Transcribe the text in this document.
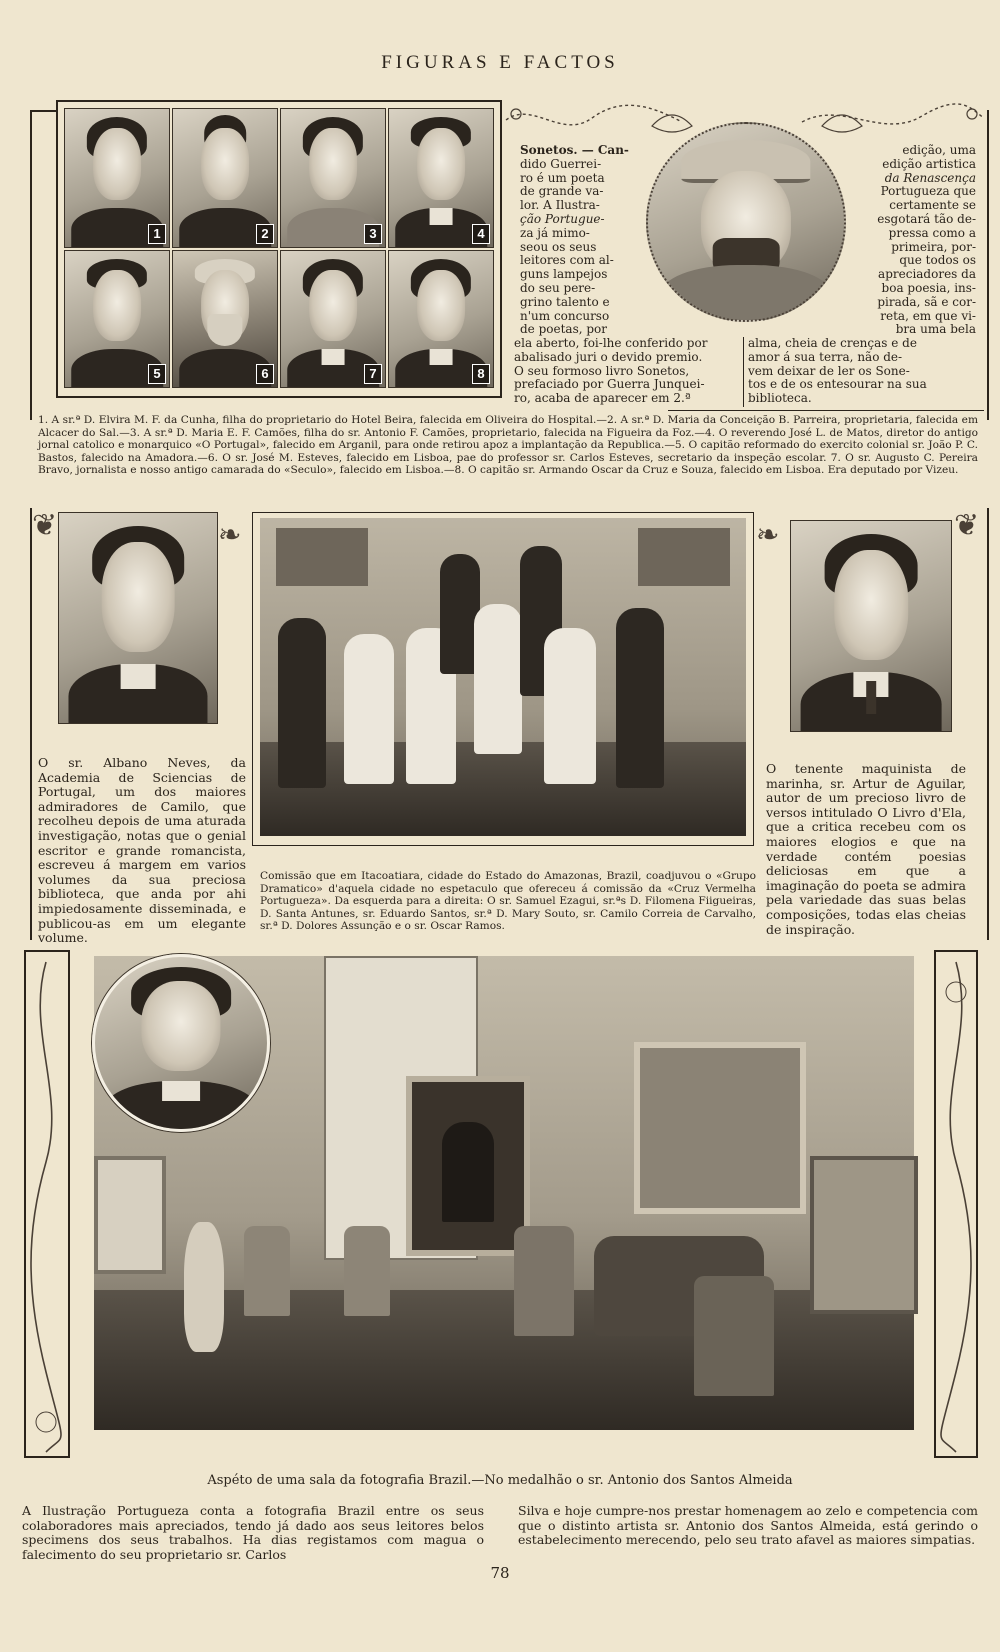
FIGURAS E FACTOS
1	2	3	4
5	6	7	8
Sonetos. — Can-
dido Guerrei-
ro é um poeta
de grande va-
lor. A Ilustra-
ção Portugue-
za já mimo-
seou os seus
leitores com al-
guns lampejos
do seu pere-
grino talento e
n'um concurso
de poetas, por
edição, uma
edição artistica
da Renascença
Portugueza que
certamente se
esgotará tão de-
pressa como a
primeira, por-
que todos os
apreciadores da
boa poesia, ins-
pirada, sã e cor-
reta, em que vi-
bra uma bela
ela aberto, foi-lhe conferido por
abalisado juri o devido premio.
O seu formoso livro Sonetos,
prefaciado por Guerra Junquei-
ro, acaba de aparecer em 2.ª
alma, cheia de crenças e de
amor á sua terra, não de-
vem deixar de ler os Sone-
tos e de os entesourar na sua
biblioteca.
1. A sr.ª D. Elvira M. F. da Cunha, filha do proprietario do Hotel Beira, falecida em Oliveira do Hospital.—2. A sr.ª D. Maria da Conceição B. Parreira, proprietaria, falecida em Alcacer do Sal.—3. A sr.ª D. Maria E. F. Camões, filha do sr. Antonio F. Camões, proprietario, falecida na Figueira da Foz.—4. O reverendo José L. de Matos, diretor do antigo jornal catolico e monarquico «O Portugal», falecido em Arganil, para onde retirou apoz a implantação da Republica.—5. O capitão reformado do exercito colonial sr. João P. C. Bastos, falecido na Amadora.—6. O sr. José M. Esteves, falecido em Lisboa, pae do professor sr. Carlos Esteves, secretario da inspeção escolar. 7. O sr. Augusto C. Pereira Bravo, jornalista e nosso antigo camarada do «Seculo», falecido em Lisboa.—8. O capitão sr. Armando Oscar da Cruz e Souza, falecido em Lisboa. Era deputado por Vizeu.
❦	❦
❧	❧
O sr. Albano Neves, da Academia de Sciencias de Portugal, um dos maiores admiradores de Camilo, que recolheu depois de uma aturada investigação, notas que o genial escritor e grande romancista, escreveu á margem em varios volumes da sua preciosa biblioteca, que anda por ahi impiedosamente disseminada, e publicou-as em um elegante volume.
Comissão que em Itacoatiara, cidade do Estado do Amazonas, Brazil, coadjuvou o «Grupo Dramatico» d'aquela cidade no espetaculo que ofereceu á comissão da «Cruz Vermelha Portugueza». Da esquerda para a direita: O sr. Samuel Ezagui, sr.ªs D. Filomena Fiigueiras, D. Santa Antunes, sr. Eduardo Santos, sr.ª D. Mary Souto, sr. Camilo Correia de Carvalho, sr.ª D. Dolores Assunção e o sr. Oscar Ramos.
O tenente maquinista de marinha, sr. Artur de Aguilar, autor de um precioso livro de versos intitulado O Livro d'Ela, que a critica recebeu com os maiores elogios e que na verdade contém poesias deliciosas em que a imaginação do poeta se admira pela variedade das suas belas composições, todas elas cheias de inspiração.
Aspéto de uma sala da fotografia Brazil.—No medalhão o sr. Antonio dos Santos Almeida
A Ilustração Portugueza conta a fotografia Brazil entre os seus colaboradores mais apreciados, tendo já dado aos seus leitores belos specimens dos seus trabalhos. Ha dias registamos com magua o falecimento do seu proprietario sr. Carlos
Silva e hoje cumpre-nos prestar homenagem ao zelo e competencia com que o distinto artista sr. Antonio dos Santos Almeida, está gerindo o estabelecimento merecendo, pelo seu trato afavel as maiores simpatias.
78
